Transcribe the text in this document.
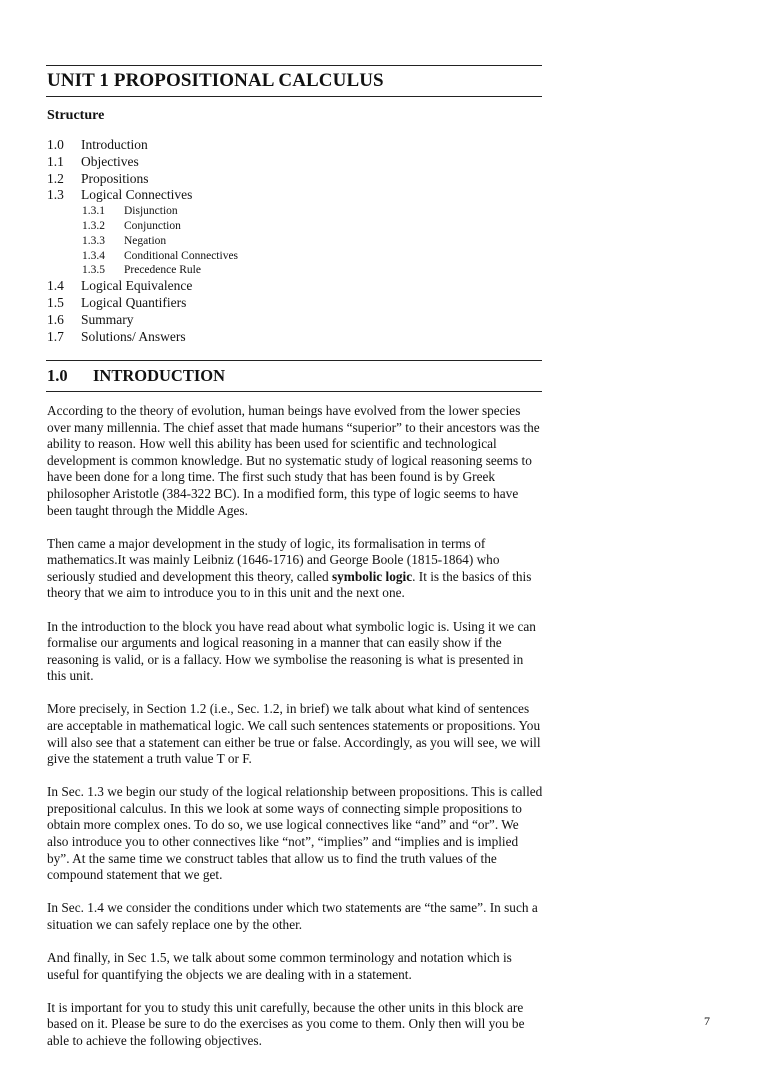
UNIT 1 PROPOSITIONAL CALCULUS
Structure
1.0 Introduction
1.1 Objectives
1.2 Propositions
1.3 Logical Connectives
1.3.1 Disjunction
1.3.2 Conjunction
1.3.3 Negation
1.3.4 Conditional Connectives
1.3.5 Precedence Rule
1.4 Logical Equivalence
1.5 Logical Quantifiers
1.6 Summary
1.7 Solutions/ Answers
1.0 INTRODUCTION

According to the theory of evolution, human beings have evolved from the lower species over many millennia. The chief asset that made humans “superior” to their ancestors was the ability to reason. How well this ability has been used for scientific and technological development is common knowledge. But no systematic study of logical reasoning seems to have been done for a long time. The first such study that has been found is by Greek philosopher Aristotle (384-322 BC). In a modified form, this type of logic seems to have been taught through the Middle Ages.

Then came a major development in the study of logic, its formalisation in terms of mathematics.It was mainly Leibniz (1646-1716) and George Boole (1815-1864) who seriously studied and development this theory, called symbolic logic. It is the basics of this theory that we aim to introduce you to in this unit and the next one.

In the introduction to the block you have read about what symbolic logic is. Using it we can formalise our arguments and logical reasoning in a manner that can easily show if the reasoning is valid, or is a fallacy. How we symbolise the reasoning is what is presented in this unit.

More precisely, in Section 1.2 (i.e., Sec. 1.2, in brief) we talk about what kind of sentences are acceptable in mathematical logic. We call such sentences statements or propositions. You will also see that a statement can either be true or false. Accordingly, as you will see, we will give the statement a truth value T or F.

In Sec. 1.3 we begin our study of the logical relationship between propositions. This is called prepositional calculus. In this we look at some ways of connecting simple propositions to obtain more complex ones. To do so, we use logical connectives like “and” and “or”. We also introduce you to other connectives like “not”, “implies” and “implies and is implied by”. At the same time we construct tables that allow us to find the truth values of the compound statement that we get.

In Sec. 1.4 we consider the conditions under which two statements are “the same”. In such a situation we can safely replace one by the other.

And finally, in Sec 1.5, we talk about some common terminology and notation which is useful for quantifying the objects we are dealing with in a statement.

It is important for you to study this unit carefully, because the other units in this block are based on it. Please be sure to do the exercises as you come to them. Only then will you be able to achieve the following objectives.

7
